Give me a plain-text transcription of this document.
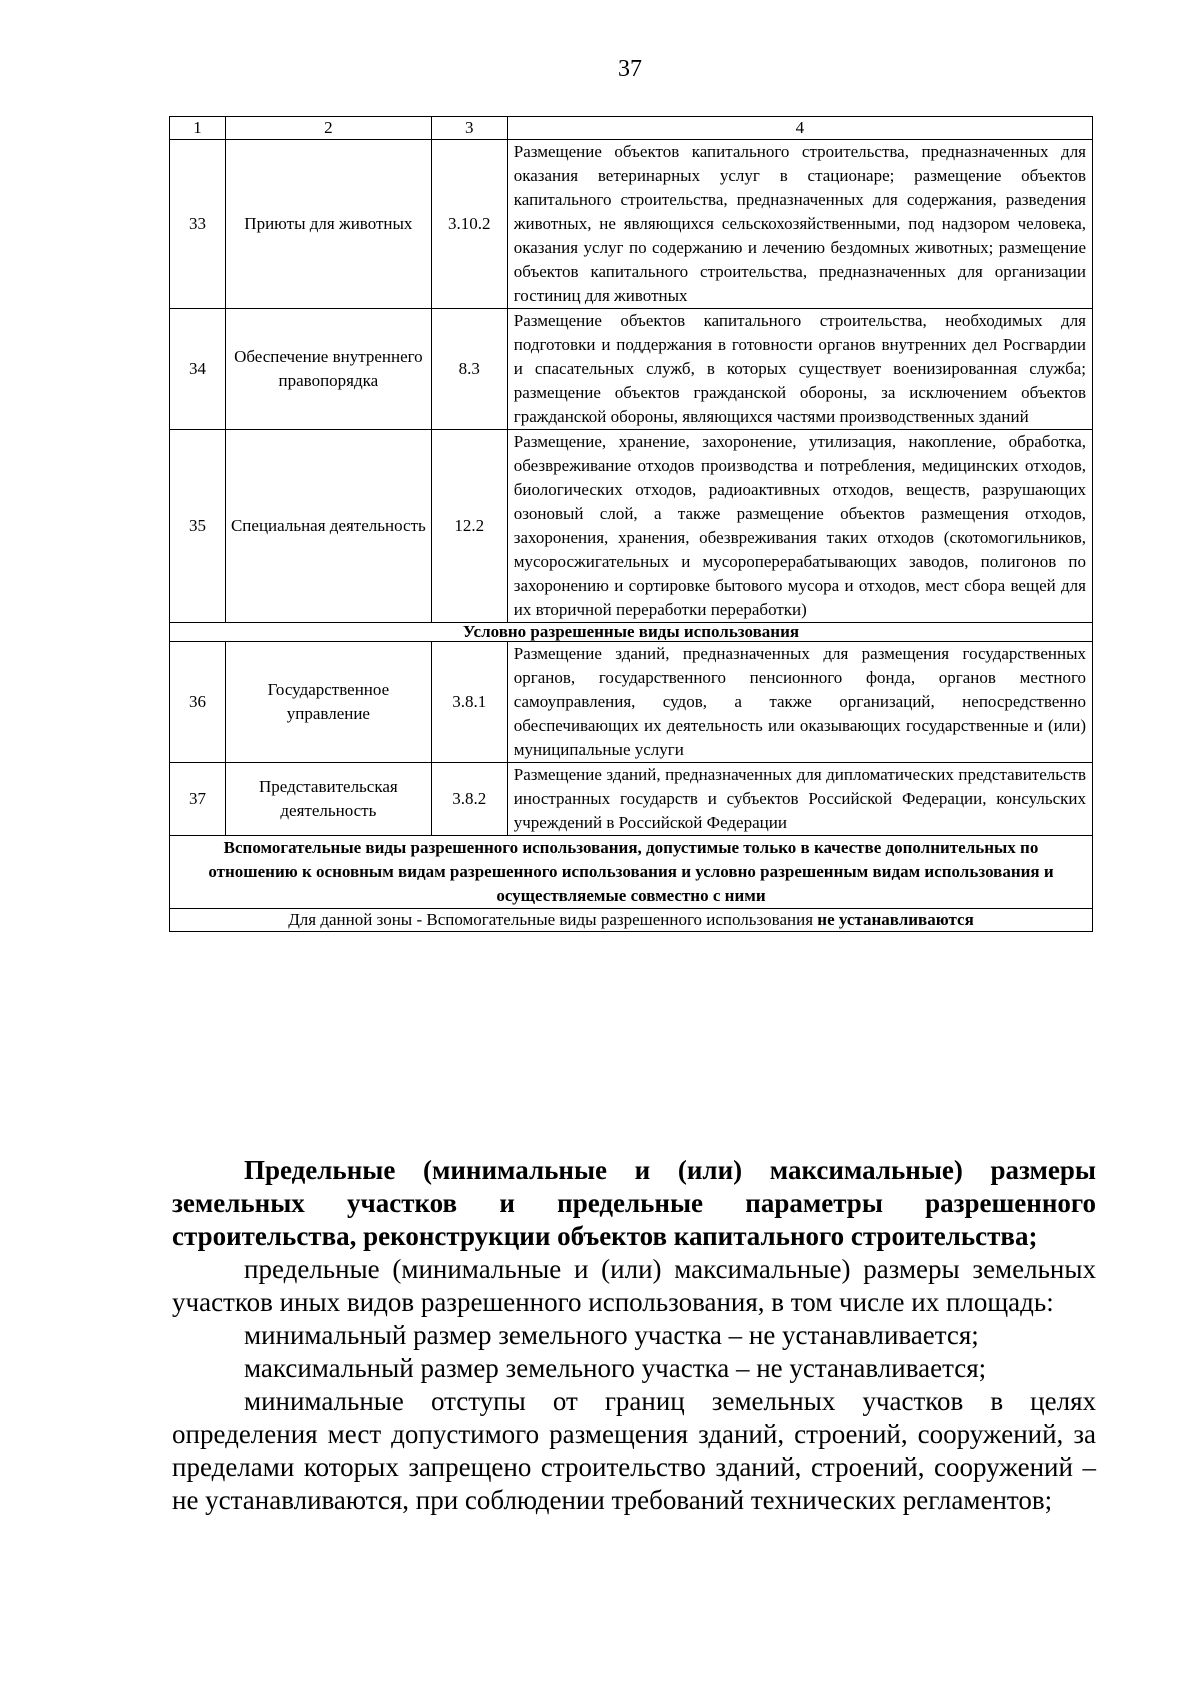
37
1	2	3	4
33	Приюты для животных	3.10.2	Размещение объектов капитального строительства, предназначенных для оказания ветеринарных услуг в стационаре; размещение объектов капитального строительства, предназначенных для содержания, разведения животных, не являющихся сельскохозяйственными, под надзором человека, оказания услуг по содержанию и лечению бездомных животных; размещение объектов капитального строительства, предназначенных для организации гостиниц для животных
34	Обеспечение внутреннего правопорядка	8.3	Размещение объектов капитального строительства, необходимых для подготовки и поддержания в готовности органов внутренних дел Росгвардии и спасательных служб, в которых существует военизированная служба; размещение объектов гражданской обороны, за исключением объектов гражданской обороны, являющихся частями производственных зданий
35	Специальная деятельность	12.2	Размещение, хранение, захоронение, утилизация, накопление, обработка, обезвреживание отходов производства и потребления, медицинских отходов, биологических отходов, радиоактивных отходов, веществ, разрушающих озоновый слой, а также размещение объектов размещения отходов, захоронения, хранения, обезвреживания таких отходов (скотомогильников, мусоросжигательных и мусороперерабатывающих заводов, полигонов по захоронению и сортировке бытового мусора и отходов, мест сбора вещей для их вторичной переработки переработки)
Условно разрешенные виды использования			
36	Государственное управление	3.8.1	Размещение зданий, предназначенных для размещения государственных органов, государственного пенсионного фонда, органов местного самоуправления, судов, а также организаций, непосредственно обеспечивающих их деятельность или оказывающих государственные и (или) муниципальные услуги
37	Представительская деятельность	3.8.2	Размещение зданий, предназначенных для дипломатических представительств иностранных государств и субъектов Российской Федерации, консульских учреждений в Российской Федерации
Вспомогательные виды разрешенного использования, допустимые только в качестве дополнительных по отношению к основным видам разрешенного использования и условно разрешенным видам использования и осуществляемые совместно с ними			
Для данной зоны - Вспомогательные виды разрешенного использования не устанавливаются			
Предельные (минимальные и (или) максимальные) размеры
земельных участков и предельные параметры разрешенного
строительства, реконструкции объектов капитального строительства;

предельные (минимальные и (или) максимальные) размеры земельных участков иных видов разрешенного использования, в том числе их площадь:

минимальный размер земельного участка – не устанавливается;

максимальный размер земельного участка – не устанавливается;

минимальные отступы от границ земельных участков в целях определения мест допустимого размещения зданий, строений, сооружений, за пределами которых запрещено строительство зданий, строений, сооружений – не устанавливаются, при соблюдении требований технических регламентов;
